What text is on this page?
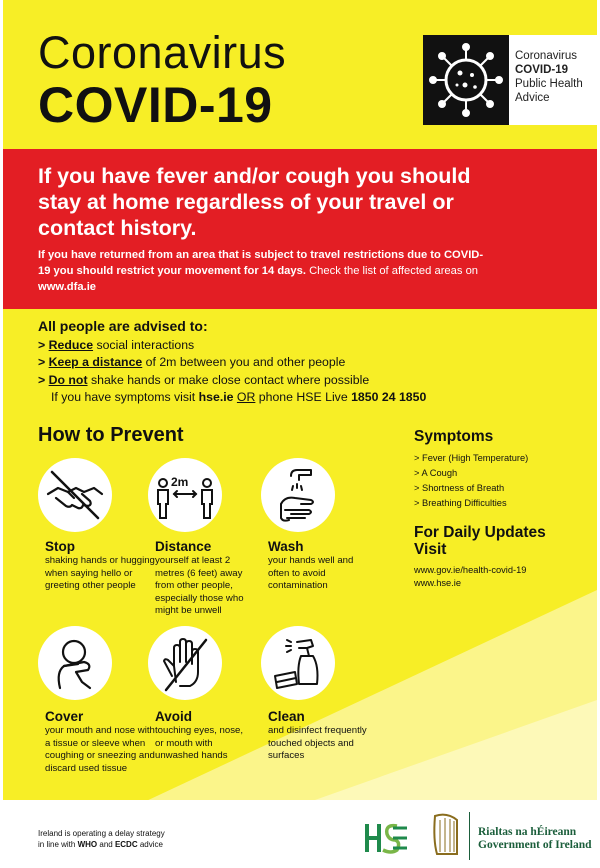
Coronavirus
COVID-19
Coronavirus
COVID-19
Public Health
Advice
If you have fever and/or cough you should stay at home regardless of your travel or contact history.

If you have returned from an area that is subject to travel restrictions due to COVID-19 you should restrict your movement for 14 days. Check the list of affected areas on www.dfa.ie

All people are advised to:
> Reduce social interactions
> Keep a distance of 2m between you and other people
> Do not shake hands or make close contact where possible
If you have symptoms visit hse.ie OR phone HSE Live 1850 24 1850
How to Prevent
2m
Stop
shaking hands or hugging when saying hello or greeting other people
Distance
yourself at least 2 metres (6 feet) away from other people, especially those who might be unwell
Wash
your hands well and often to avoid contamination
Cover
your mouth and nose with a tissue or sleeve when coughing or sneezing and discard used tissue
Avoid
touching eyes, nose, or mouth with unwashed hands
Clean
and disinfect frequently touched objects and surfaces
Symptoms
> Fever (High Temperature)
> A Cough
> Shortness of Breath
> Breathing Difficulties
For Daily Updates Visit
www.gov.ie/health-covid-19
www.hse.ie
Ireland is operating a delay strategy
in line with WHO and ECDC advice
Rialtas na hÉireann
Government of Ireland
